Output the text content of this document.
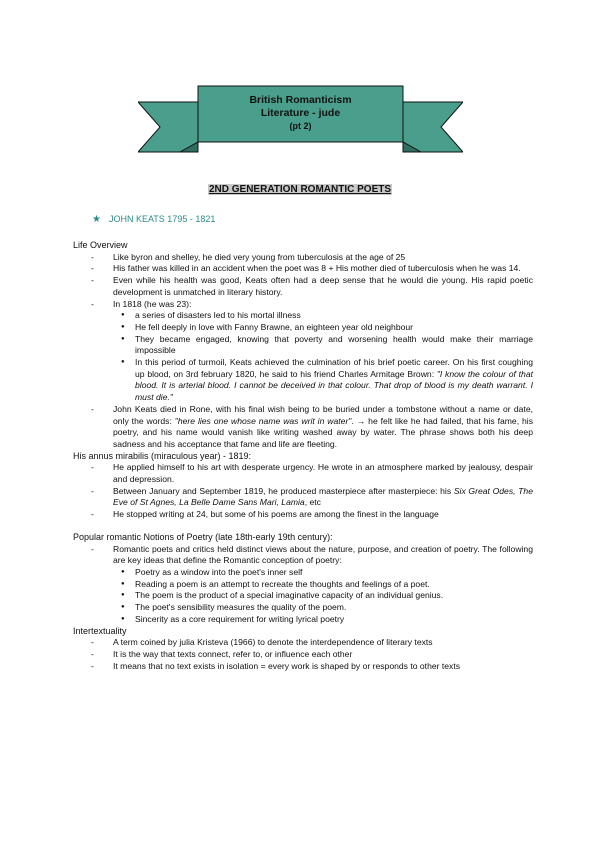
British Romanticism
Literature - jude
(pt 2)
2ND GENERATION ROMANTIC POETS
★ JOHN KEATS 1795 - 1821
Life Overview
- Like byron and shelley, he died very young from tuberculosis at the age of 25
- His father was killed in an accident when the poet was 8 + His mother died of tuberculosis when he was 14.
- Even while his health was good, Keats often had a deep sense that he would die young. His rapid poetic development is unmatched in literary history.
- In 1818 (he was 23):
● a series of disasters led to his mortal illness
● He fell deeply in love with Fanny Brawne, an eighteen year old neighbour
● They became engaged, knowing that poverty and worsening health would make their marriage impossible
● In this period of turmoil, Keats achieved the culmination of his brief poetic career. On his first coughing up blood, on 3rd february 1820, he said to his friend Charles Armitage Brown: "I know the colour of that blood. It is arterial blood. I cannot be deceived in that colour. That drop of blood is my death warrant. I must die."
- John Keats died in Rone, with his final wish being to be buried under a tombstone without a name or date, only the words: "here lies one whose name was writ in water". → he felt like he had failed, that his fame, his poetry, and his name would vanish like writing washed away by water. The phrase shows both his deep sadness and his acceptance that fame and life are fleeting.
His annus mirabilis (miraculous year) - 1819:
- He applied himself to his art with desperate urgency. He wrote in an atmosphere marked by jealousy, despair and depression.
- Between January and September 1819, he produced masterpiece after masterpiece: his Six Great Odes, The Eve of St Agnes, La Belle Dame Sans Mari, Lamia, etc
- He stopped writing at 24, but some of his poems are among the finest in the language
Popular romantic Notions of Poetry (late 18th-early 19th century):
- Romantic poets and critics held distinct views about the nature, purpose, and creation of poetry. The following are key ideas that define the Romantic conception of poetry:
● Poetry as a window into the poet's inner self
● Reading a poem is an attempt to recreate the thoughts and feelings of a poet.
● The poem is the product of a special imaginative capacity of an individual genius.
● The poet's sensibility measures the quality of the poem.
● Sincerity as a core requirement for writing lyrical poetry
Intertextuality
- A term coined by julia Kristeva (1966) to denote the interdependence of literary texts
- It is the way that texts connect, refer to, or influence each other
- It means that no text exists in isolation = every work is shaped by or responds to other texts
